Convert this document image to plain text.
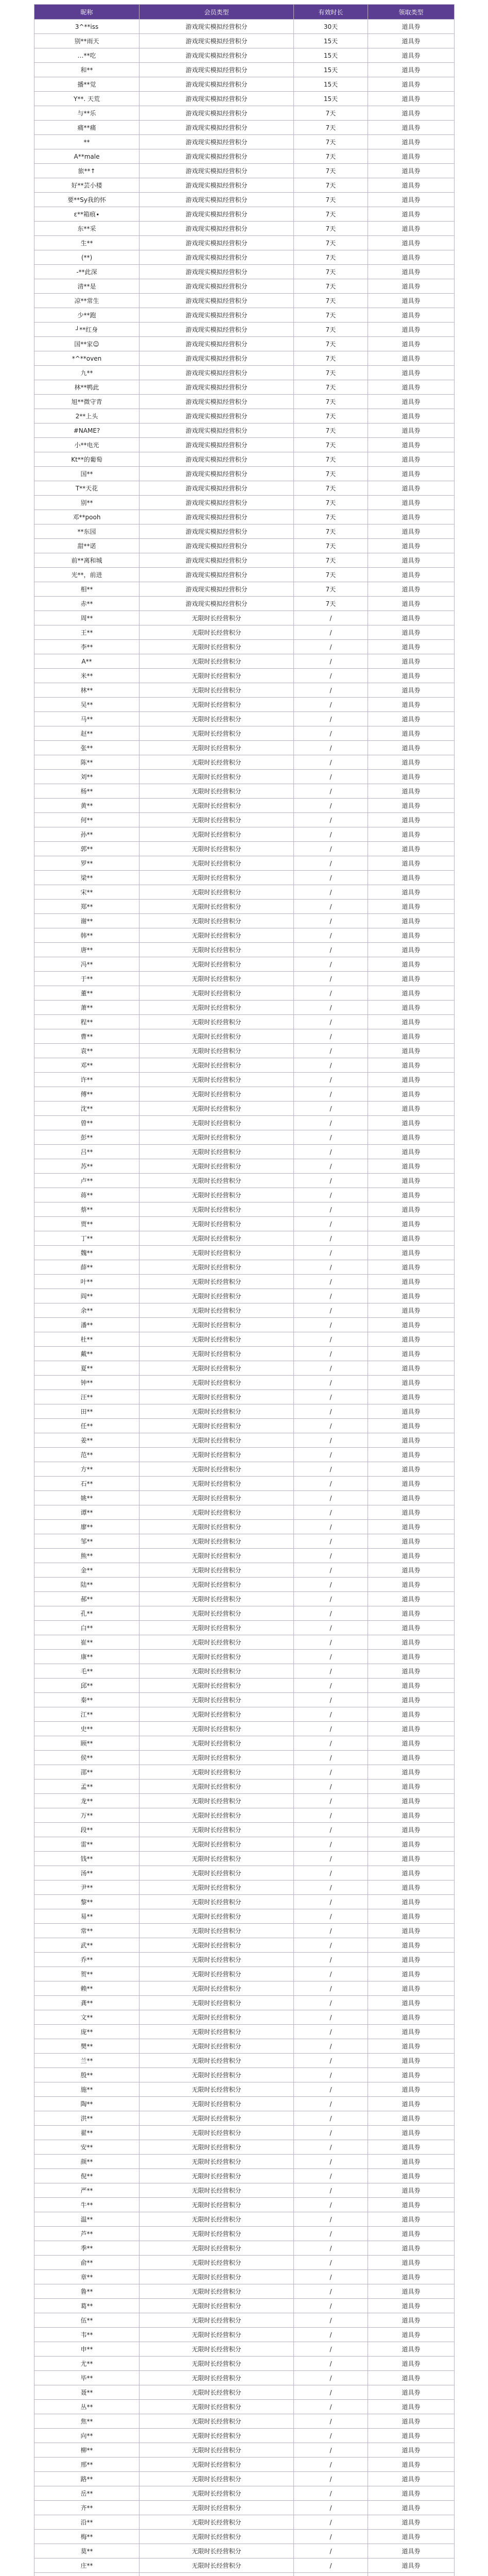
昵称	会员类型	有效时长	领取类型
3^**iss	游戏现实模拟经营积分	30天	道具券
别**雨天	游戏现实模拟经营积分	15天	道具券
…**吃	游戏现实模拟经营积分	15天	道具券
和**	游戏现实模拟经营积分	15天	道具券
播**觉	游戏现实模拟经营积分	15天	道具券
Y**. 天荒	游戏现实模拟经营积分	15天	道具券
与**乐	游戏现实模拟经营积分	7天	道具券
痛**痛	游戏现实模拟经营积分	7天	道具券
**	游戏现实模拟经营积分	7天	道具券
A**male	游戏现实模拟经营积分	7天	道具券
旅**↑	游戏现实模拟经营积分	7天	道具券
好**芸小楼	游戏现实模拟经营积分	7天	道具券
要**Sy我的怀	游戏现实模拟经营积分	7天	道具券
ε**箱痕∙	游戏现实模拟经营积分	7天	道具券
东**采	游戏现实模拟经营积分	7天	道具券
生**	游戏现实模拟经营积分	7天	道具券
(**)	游戏现实模拟经营积分	7天	道具券
-**此深	游戏现实模拟经营积分	7天	道具券
清**是	游戏现实模拟经营积分	7天	道具券
凉**常生	游戏现实模拟经营积分	7天	道具券
少**跑	游戏现实模拟经营积分	7天	道具券
┘**红身	游戏现实模拟经营积分	7天	道具券
国**家☺	游戏现实模拟经营积分	7天	道具券
*^**oven	游戏现实模拟经营积分	7天	道具券
九**	游戏现实模拟经营积分	7天	道具券
林**鸭此	游戏现实模拟经营积分	7天	道具券
旭**微守青	游戏现实模拟经营积分	7天	道具券
2**上头	游戏现实模拟经营积分	7天	道具券
#NAME?	游戏现实模拟经营积分	7天	道具券
小**电光	游戏现实模拟经营积分	7天	道具券
Kt**的葡萄	游戏现实模拟经营积分	7天	道具券
国**	游戏现实模拟经营积分	7天	道具券
T**天花	游戏现实模拟经营积分	7天	道具券
别**	游戏现实模拟经营积分	7天	道具券
邓**pooh	游戏现实模拟经营积分	7天	道具券
**东园	游戏现实模拟经营积分	7天	道具券
甜**诺	游戏现实模拟经营积分	7天	道具券
前**离和城	游戏现实模拟经营积分	7天	道具券
光**，前进	游戏现实模拟经营积分	7天	道具券
相**	游戏现实模拟经营积分	7天	道具券
赤**	游戏现实模拟经营积分	7天	道具券
周**	无限时长经营积分	/	道具券
王**	无限时长经营积分	/	道具券
李**	无限时长经营积分	/	道具券
A**	无限时长经营积分	/	道具券
米**	无限时长经营积分	/	道具券
林**	无限时长经营积分	/	道具券
吴**	无限时长经营积分	/	道具券
马**	无限时长经营积分	/	道具券
赵**	无限时长经营积分	/	道具券
张**	无限时长经营积分	/	道具券
陈**	无限时长经营积分	/	道具券
刘**	无限时长经营积分	/	道具券
杨**	无限时长经营积分	/	道具券
黄**	无限时长经营积分	/	道具券
何**	无限时长经营积分	/	道具券
孙**	无限时长经营积分	/	道具券
郭**	无限时长经营积分	/	道具券
罗**	无限时长经营积分	/	道具券
梁**	无限时长经营积分	/	道具券
宋**	无限时长经营积分	/	道具券
郑**	无限时长经营积分	/	道具券
谢**	无限时长经营积分	/	道具券
韩**	无限时长经营积分	/	道具券
唐**	无限时长经营积分	/	道具券
冯**	无限时长经营积分	/	道具券
于**	无限时长经营积分	/	道具券
董**	无限时长经营积分	/	道具券
萧**	无限时长经营积分	/	道具券
程**	无限时长经营积分	/	道具券
曹**	无限时长经营积分	/	道具券
袁**	无限时长经营积分	/	道具券
邓**	无限时长经营积分	/	道具券
许**	无限时长经营积分	/	道具券
傅**	无限时长经营积分	/	道具券
沈**	无限时长经营积分	/	道具券
曾**	无限时长经营积分	/	道具券
彭**	无限时长经营积分	/	道具券
吕**	无限时长经营积分	/	道具券
苏**	无限时长经营积分	/	道具券
卢**	无限时长经营积分	/	道具券
蒋**	无限时长经营积分	/	道具券
蔡**	无限时长经营积分	/	道具券
贾**	无限时长经营积分	/	道具券
丁**	无限时长经营积分	/	道具券
魏**	无限时长经营积分	/	道具券
薛**	无限时长经营积分	/	道具券
叶**	无限时长经营积分	/	道具券
阎**	无限时长经营积分	/	道具券
余**	无限时长经营积分	/	道具券
潘**	无限时长经营积分	/	道具券
杜**	无限时长经营积分	/	道具券
戴**	无限时长经营积分	/	道具券
夏**	无限时长经营积分	/	道具券
钟**	无限时长经营积分	/	道具券
汪**	无限时长经营积分	/	道具券
田**	无限时长经营积分	/	道具券
任**	无限时长经营积分	/	道具券
姜**	无限时长经营积分	/	道具券
范**	无限时长经营积分	/	道具券
方**	无限时长经营积分	/	道具券
石**	无限时长经营积分	/	道具券
姚**	无限时长经营积分	/	道具券
谭**	无限时长经营积分	/	道具券
廖**	无限时长经营积分	/	道具券
邹**	无限时长经营积分	/	道具券
熊**	无限时长经营积分	/	道具券
金**	无限时长经营积分	/	道具券
陆**	无限时长经营积分	/	道具券
郝**	无限时长经营积分	/	道具券
孔**	无限时长经营积分	/	道具券
白**	无限时长经营积分	/	道具券
崔**	无限时长经营积分	/	道具券
康**	无限时长经营积分	/	道具券
毛**	无限时长经营积分	/	道具券
邱**	无限时长经营积分	/	道具券
秦**	无限时长经营积分	/	道具券
江**	无限时长经营积分	/	道具券
史**	无限时长经营积分	/	道具券
顾**	无限时长经营积分	/	道具券
侯**	无限时长经营积分	/	道具券
邵**	无限时长经营积分	/	道具券
孟**	无限时长经营积分	/	道具券
龙**	无限时长经营积分	/	道具券
万**	无限时长经营积分	/	道具券
段**	无限时长经营积分	/	道具券
雷**	无限时长经营积分	/	道具券
钱**	无限时长经营积分	/	道具券
汤**	无限时长经营积分	/	道具券
尹**	无限时长经营积分	/	道具券
黎**	无限时长经营积分	/	道具券
易**	无限时长经营积分	/	道具券
常**	无限时长经营积分	/	道具券
武**	无限时长经营积分	/	道具券
乔**	无限时长经营积分	/	道具券
贺**	无限时长经营积分	/	道具券
赖**	无限时长经营积分	/	道具券
龚**	无限时长经营积分	/	道具券
文**	无限时长经营积分	/	道具券
庞**	无限时长经营积分	/	道具券
樊**	无限时长经营积分	/	道具券
兰**	无限时长经营积分	/	道具券
殷**	无限时长经营积分	/	道具券
施**	无限时长经营积分	/	道具券
陶**	无限时长经营积分	/	道具券
洪**	无限时长经营积分	/	道具券
翟**	无限时长经营积分	/	道具券
安**	无限时长经营积分	/	道具券
颜**	无限时长经营积分	/	道具券
倪**	无限时长经营积分	/	道具券
严**	无限时长经营积分	/	道具券
牛**	无限时长经营积分	/	道具券
温**	无限时长经营积分	/	道具券
芦**	无限时长经营积分	/	道具券
季**	无限时长经营积分	/	道具券
俞**	无限时长经营积分	/	道具券
章**	无限时长经营积分	/	道具券
鲁**	无限时长经营积分	/	道具券
葛**	无限时长经营积分	/	道具券
伍**	无限时长经营积分	/	道具券
韦**	无限时长经营积分	/	道具券
申**	无限时长经营积分	/	道具券
尤**	无限时长经营积分	/	道具券
毕**	无限时长经营积分	/	道具券
聂**	无限时长经营积分	/	道具券
丛**	无限时长经营积分	/	道具券
焦**	无限时长经营积分	/	道具券
向**	无限时长经营积分	/	道具券
柳**	无限时长经营积分	/	道具券
邢**	无限时长经营积分	/	道具券
路**	无限时长经营积分	/	道具券
岳**	无限时长经营积分	/	道具券
齐**	无限时长经营积分	/	道具券
沿**	无限时长经营积分	/	道具券
梅**	无限时长经营积分	/	道具券
莫**	无限时长经营积分	/	道具券
庄**	无限时长经营积分	/	道具券
